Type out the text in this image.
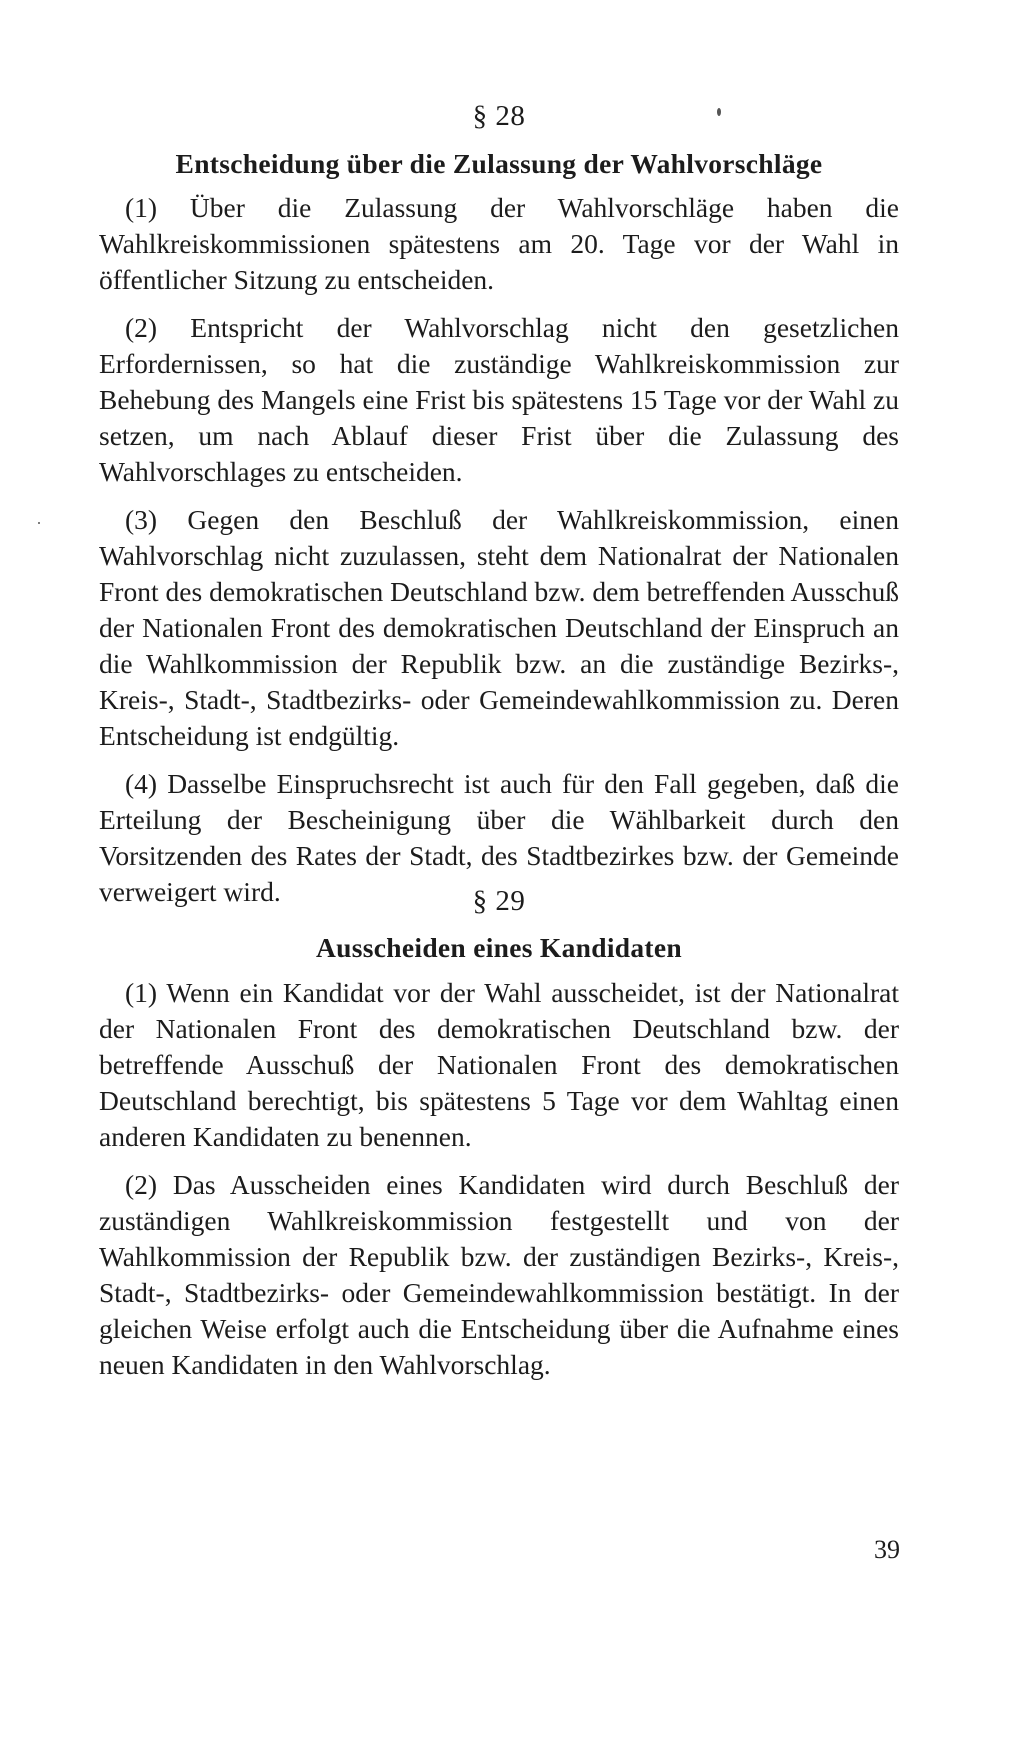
§ 28
Entscheidung über die Zulassung der Wahlvorschläge

(1) Über die Zulassung der Wahlvorschläge haben die Wahlkreiskommissionen spätestens am 20. Tage vor der Wahl in öffentlicher Sitzung zu entscheiden.

(2) Entspricht der Wahlvorschlag nicht den gesetzlichen Erfordernissen, so hat die zuständige Wahlkreiskommission zur Behebung des Mangels eine Frist bis spätestens 15 Tage vor der Wahl zu setzen, um nach Ablauf dieser Frist über die Zulassung des Wahlvorschlages zu entscheiden.

(3) Gegen den Beschluß der Wahlkreiskommission, einen Wahlvorschlag nicht zuzulassen, steht dem Nationalrat der Nationalen Front des demokratischen Deutschland bzw. dem betreffenden Ausschuß der Nationalen Front des demokratischen Deutschland der Einspruch an die Wahlkommission der Republik bzw. an die zuständige Bezirks-, Kreis-, Stadt-, Stadtbezirks- oder Gemeindewahlkommission zu. Deren Entscheidung ist endgültig.

(4) Dasselbe Einspruchsrecht ist auch für den Fall gegeben, daß die Erteilung der Bescheinigung über die Wählbarkeit durch den Vorsitzenden des Rates der Stadt, des Stadtbezirkes bzw. der Gemeinde verweigert wird.	§ 29
Ausscheiden eines Kandidaten

(1) Wenn ein Kandidat vor der Wahl ausscheidet, ist der Nationalrat der Nationalen Front des demokratischen Deutschland bzw. der betreffende Ausschuß der Nationalen Front des demokratischen Deutschland berechtigt, bis spätestens 5 Tage vor dem Wahltag einen anderen Kandidaten zu benennen.

(2) Das Ausscheiden eines Kandidaten wird durch Beschluß der zuständigen Wahlkreiskommission festgestellt und von der Wahlkommission der Republik bzw. der zuständigen Bezirks-, Kreis-, Stadt-, Stadtbezirks- oder Gemeindewahlkommission bestätigt. In der gleichen Weise erfolgt auch die Entscheidung über die Aufnahme eines neuen Kandidaten in den Wahlvorschlag.

39
